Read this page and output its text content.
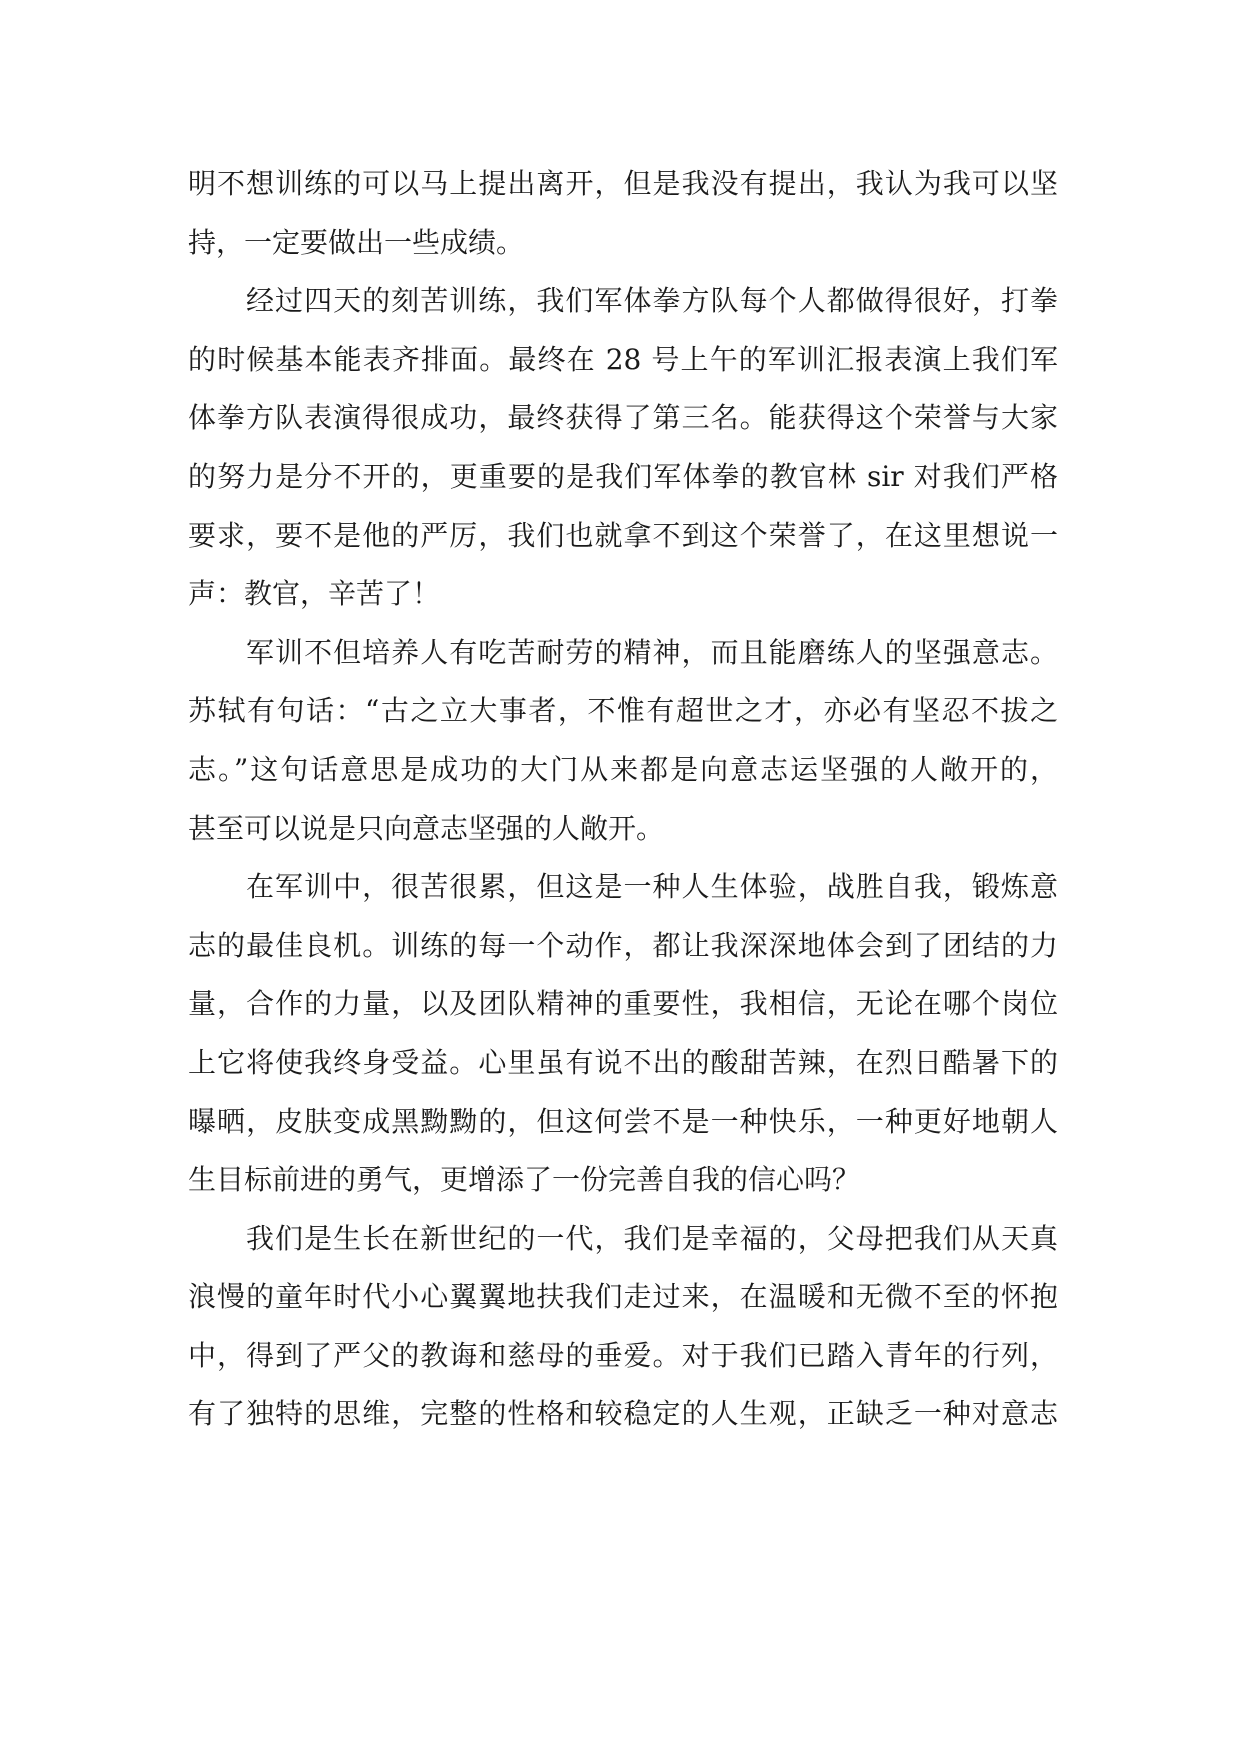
明不想训练的可以马上提出离开，但是我没有提出，我认为我可以坚
持，一定要做出一些成绩。
经过四天的刻苦训练，我们军体拳方队每个人都做得很好，打拳
的时候基本能表齐排面。最终在 28 号上午的军训汇报表演上我们军
体拳方队表演得很成功，最终获得了第三名。能获得这个荣誉与大家
的努力是分不开的，更重要的是我们军体拳的教官林 sir 对我们严格
要求，要不是他的严厉，我们也就拿不到这个荣誉了，在这里想说一
声：教官，辛苦了！
军训不但培养人有吃苦耐劳的精神，而且能磨练人的坚强意志。
苏轼有句话：“古之立大事者，不惟有超世之才，亦必有坚忍不拔之
志。”这句话意思是成功的大门从来都是向意志运坚强的人敞开的，
甚至可以说是只向意志坚强的人敞开。
在军训中，很苦很累，但这是一种人生体验，战胜自我，锻炼意
志的最佳良机。训练的每一个动作，都让我深深地体会到了团结的力
量，合作的力量，以及团队精神的重要性，我相信，无论在哪个岗位
上它将使我终身受益。心里虽有说不出的酸甜苦辣，在烈日酷暑下的
曝晒，皮肤变成黑黝黝的，但这何尝不是一种快乐，一种更好地朝人
生目标前进的勇气，更增添了一份完善自我的信心吗？
我们是生长在新世纪的一代，我们是幸福的，父母把我们从天真
浪慢的童年时代小心翼翼地扶我们走过来，在温暖和无微不至的怀抱
中，得到了严父的教诲和慈母的垂爱。对于我们已踏入青年的行列，
有了独特的思维，完整的性格和较稳定的人生观，正缺乏一种对意志
